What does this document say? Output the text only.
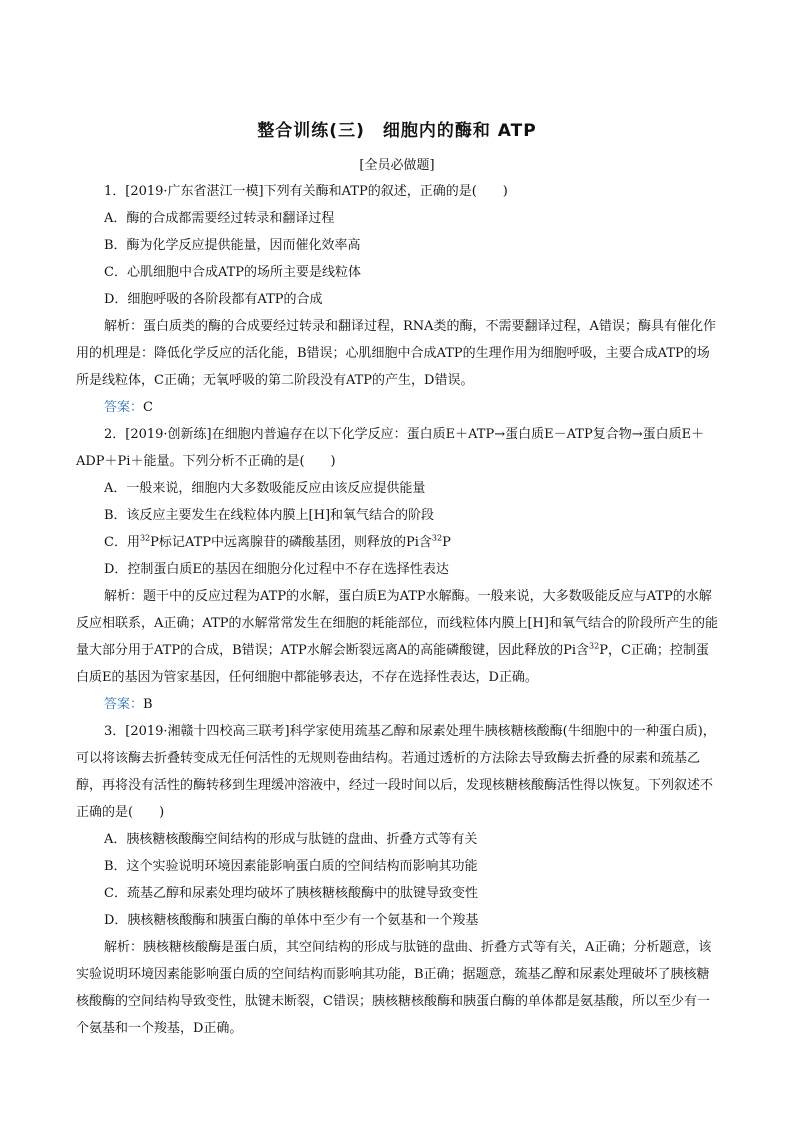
整合训练(三)　细胞内的酶和 ATP
[全员必做题]

1．[2019·广东省湛江一模]下列有关酶和ATP的叙述，正确的是(　　)

A．酶的合成都需要经过转录和翻译过程

B．酶为化学反应提供能量，因而催化效率高

C．心肌细胞中合成ATP的场所主要是线粒体

D．细胞呼吸的各阶段都有ATP的合成

解析：蛋白质类的酶的合成要经过转录和翻译过程，RNA类的酶，不需要翻译过程，A错误；酶具有催化作用的机理是：降低化学反应的活化能，B错误；心肌细胞中合成ATP的生理作用为细胞呼吸，主要合成ATP的场所是线粒体，C正确；无氧呼吸的第二阶段没有ATP的产生，D错误。

答案：C

2．[2019·创新练]在细胞内普遍存在以下化学反应：蛋白质E＋ATP→蛋白质E－ATP复合物→蛋白质E＋ADP＋Pi＋能量。下列分析不正确的是(　　)

A．一般来说，细胞内大多数吸能反应由该反应提供能量

B．该反应主要发生在线粒体内膜上[H]和氧气结合的阶段

C．用$^{32}$P标记ATP中远离腺苷的磷酸基团，则释放的Pi含$^{32}$P

D．控制蛋白质E的基因在细胞分化过程中不存在选择性表达

解析：题干中的反应过程为ATP的水解，蛋白质E为ATP水解酶。一般来说，大多数吸能反应与ATP的水解反应相联系，A正确；ATP的水解常常发生在细胞的耗能部位，而线粒体内膜上[H]和氧气结合的阶段所产生的能量大部分用于ATP的合成，B错误；ATP水解会断裂远离A的高能磷酸键，因此释放的Pi含$^{32}$P，C正确；控制蛋白质E的基因为管家基因，任何细胞中都能够表达，不存在选择性表达，D正确。

答案：B

3．[2019·湘赣十四校高三联考]科学家使用巯基乙醇和尿素处理牛胰核糖核酸酶(牛细胞中的一种蛋白质)，可以将该酶去折叠转变成无任何活性的无规则卷曲结构。若通过透析的方法除去导致酶去折叠的尿素和巯基乙醇，再将没有活性的酶转移到生理缓冲溶液中，经过一段时间以后，发现核糖核酸酶活性得以恢复。下列叙述不正确的是(　　)

A．胰核糖核酸酶空间结构的形成与肽链的盘曲、折叠方式等有关

B．这个实验说明环境因素能影响蛋白质的空间结构而影响其功能

C．巯基乙醇和尿素处理均破坏了胰核糖核酸酶中的肽键导致变性

D．胰核糖核酸酶和胰蛋白酶的单体中至少有一个氨基和一个羧基

解析：胰核糖核酸酶是蛋白质，其空间结构的形成与肽链的盘曲、折叠方式等有关，A正确；分析题意，该实验说明环境因素能影响蛋白质的空间结构而影响其功能，B正确；据题意，巯基乙醇和尿素处理破坏了胰核糖核酸酶的空间结构导致变性，肽键未断裂，C错误；胰核糖核酸酶和胰蛋白酶的单体都是氨基酸，所以至少有一个氨基和一个羧基，D正确。
